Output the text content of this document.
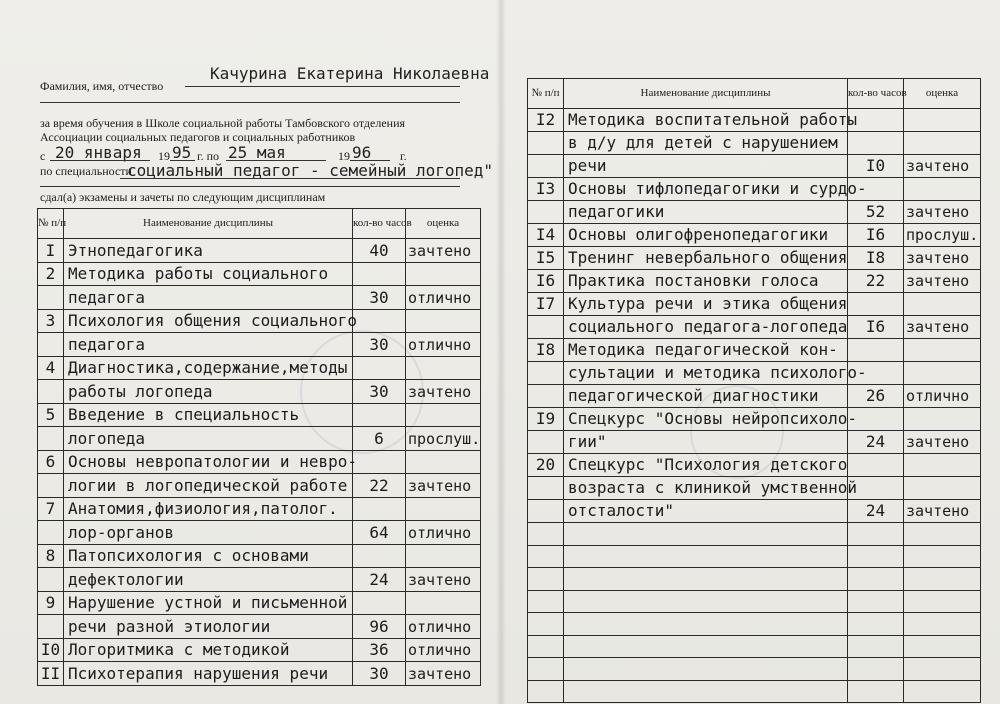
Фамилия, имя, отчество
Качурина Екатерина Николаевна
за время обучения в Школе социальной работы Тамбовского отделения
Ассоциации социальных педагогов и социальных работников
с 20 января 19 95 г. по 25 мая	19 96 г.
по специальности
социальный педагог - семейный логопед"
сдал(а) экзамены и зачеты по следующим дисциплинам
№ п/п	Наименование дисциплины	кол-во часов	оценка
I	Этнопедагогика	40	зачтено
2	Методика работы социального		
	педагога	30	отлично
3	Психология общения социального		
	педагога	30	отлично
4	Диагностика,содержание,методы		
	работы логопеда	30	зачтено
5	Введение в специальность		
	логопеда	6	прослуш.
6	Основы невропатологии и невро-		
	логии в логопедической работе	22	зачтено
7	Анатомия,физиология,патолог.		
	лор-органов	64	отлично
8	Патопсихология с основами		
	дефектологии	24	зачтено
9	Нарушение устной и письменной		
	речи разной этиологии	96	отлично
I0	Логоритмика с методикой	36	отлично
II	Психотерапия нарушения речи	30	зачтено
№ п/п	Наименование дисциплины	кол-во часов	оценка
I2	Методика воспитательной работы		
	в д/у для детей с нарушением		
	речи	I0	зачтено
I3	Основы тифлопедагогики и сурдо-		
	педагогики	52	зачтено
I4	Основы олигофренопедагогики	I6	прослуш.
I5	Тренинг невербального общения	I8	зачтено
I6	Практика постановки голоса	22	зачтено
I7	Культура речи и этика общения		
	социального педагога-логопеда	I6	зачтено
I8	Методика педагогической кон-		
	сультации и методика психолого-		
	педагогической диагностики	26	отлично
I9	Спецкурс "Основы нейропсихоло-		
	гии"	24	зачтено
20	Спецкурс "Психология детского		
	возраста с клиникой умственной		
	отсталости"	24	зачтено
